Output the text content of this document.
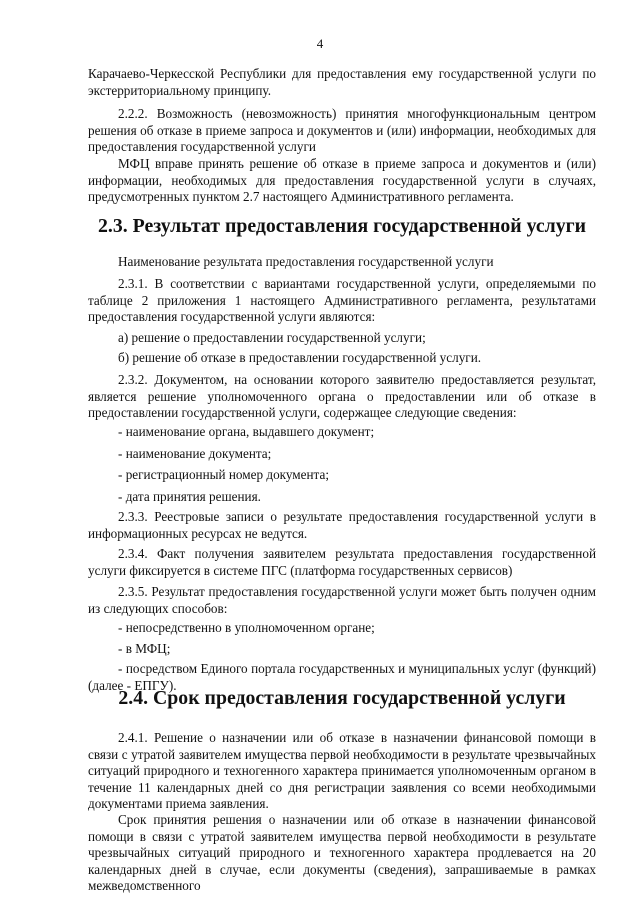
4

Карачаево-Черкесской Республики для предоставления ему государственной услуги по экстерриториальному принципу.

2.2.2. Возможность (невозможность) принятия многофункциональным центром решения об отказе в приеме запроса и документов и (или) информации, необходимых для предоставления государственной услуги

МФЦ вправе принять решение об отказе в приеме запроса и документов и (или) информации, необходимых для предоставления государственной услуги в случаях, предусмотренных пунктом 2.7 настоящего Административного регламента.

2.3. Результат предоставления государственной услуги

Наименование результата предоставления государственной услуги

2.3.1. В соответствии с вариантами государственной услуги, определяемыми по таблице 2 приложения 1 настоящего Административного регламента, результатами предоставления государственной услуги являются:

а) решение о предоставлении государственной услуги;

б) решение об отказе в предоставлении государственной услуги.

2.3.2. Документом, на основании которого заявителю предоставляется результат, является решение уполномоченного органа о предоставлении или об отказе в предоставлении государственной услуги, содержащее следующие сведения:

- наименование органа, выдавшего документ;

- наименование документа;

- регистрационный номер документа;

- дата принятия решения.

2.3.3. Реестровые записи о результате предоставления государственной услуги в информационных ресурсах не ведутся.

2.3.4. Факт получения заявителем результата предоставления государственной услуги фиксируется в системе ПГС (платформа государственных сервисов)

2.3.5. Результат предоставления государственной услуги может быть получен одним из следующих способов:

- непосредственно в уполномоченном органе;

- в МФЦ;

- посредством Единого портала государственных и муниципальных услуг (функций) (далее - ЕПГУ).

2.4. Срок предоставления государственной услуги

2.4.1. Решение о назначении или об отказе в назначении финансовой помощи в связи с утратой заявителем имущества первой необходимости в результате чрезвычайных ситуаций природного и техногенного характера принимается уполномоченным органом в течение 11 календарных дней со дня регистрации заявления со всеми необходимыми документами приема заявления.

Срок принятия решения о назначении или об отказе в назначении финансовой помощи в связи с утратой заявителем имущества первой необходимости в результате чрезвычайных ситуаций природного и техногенного характера продлевается на 20 календарных дней в случае, если документы (сведения), запрашиваемые в рамках межведомственного
